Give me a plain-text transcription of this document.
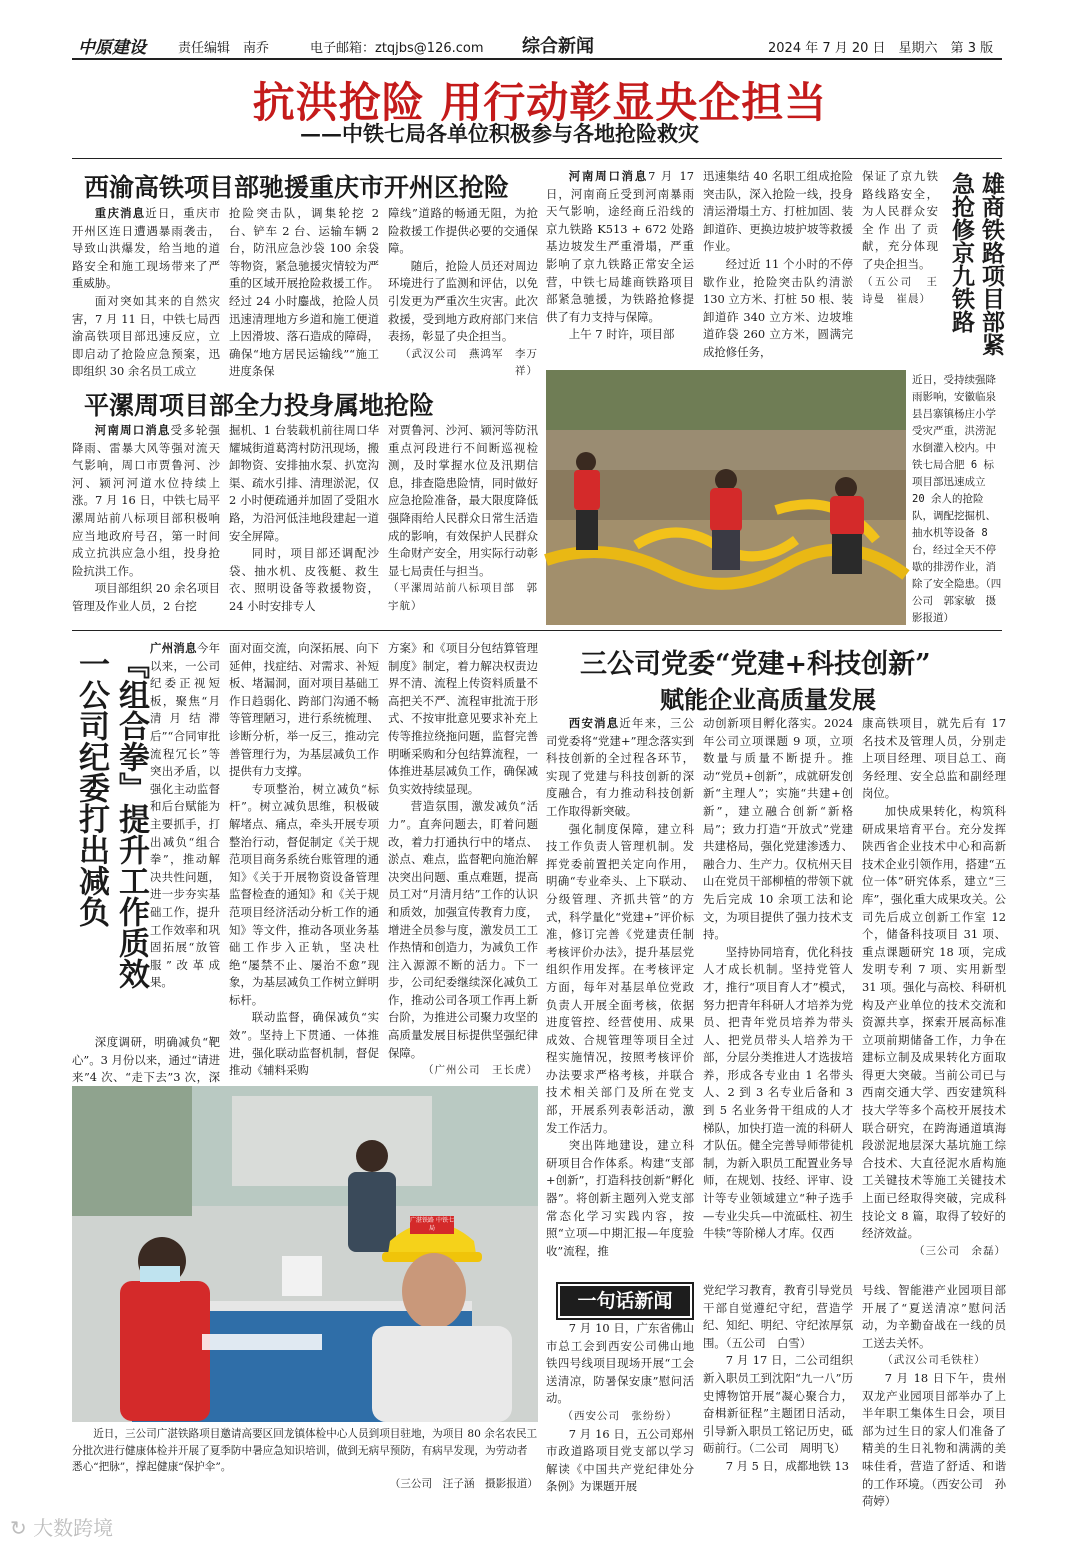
中原建设 责任编辑　南乔	电子邮箱：ztqjbs@126.com 综合新闻	2024 年 7 月 20 日　星期六　第 3 版
抗洪抢险 用行动彰显央企担当
——中铁七局各单位积极参与各地抢险救灾
西渝高铁项目部驰援重庆市开州区抢险

重庆消息近日，重庆市开州区连日遭遇暴雨袭击，导致山洪爆发，给当地的道路安全和施工现场带来了严重威胁。

面对突如其来的自然灾害，7 月 11 日，中铁七局西渝高铁项目部迅速反应，立即启动了抢险应急预案，迅即组织 30 余名员工成立

抢险突击队，调集轮挖 2 台、铲车 2 台、运输车辆 2 台，防汛应急沙袋 100 余袋等物资，紧急驰援灾情较为严重的区域开展抢险救援工作。经过 24 小时鏖战，抢险人员迅速清理地方乡道和施工便道上因滑坡、落石造成的障碍，确保“地方居民运输线”“施工进度条保

障线”道路的畅通无阻，为抢险救援工作提供必要的交通保障。

随后，抢险人员还对周边环境进行了监测和评估，以免引发更为严重次生灾害。此次救援，受到地方政府部门来信表扬，彰显了央企担当。

（武汉公司　燕鸿军　李万祥）

平漯周项目部全力投身属地抢险

河南周口消息受多轮强降雨、雷暴大风等强对流天气影响，周口市贾鲁河、沙河、颍河河道水位持续上涨。7 月 16 日，中铁七局平漯周站前八标项目部积极响应当地政府号召，第一时间成立抗洪应急小组，投身抢险抗洪工作。

项目部组织 20 余名项目管理及作业人员，2 台挖

掘机、1 台装载机前往周口华耀城街道葛湾村防汛现场，搬卸物资、安排抽水泵、扒宽沟渠、疏水引排、清理淤泥，仅 2 小时便疏通并加固了受阻水路，为沿河低洼地段建起一道安全屏障。

同时，项目部还调配沙袋、抽水机、皮筏艇、救生衣、照明设备等救援物资，24 小时安排专人

对贾鲁河、沙河、颍河等防汛重点河段进行不间断巡视检测，及时掌握水位及汛期信息，排查隐患险情，同时做好应急抢险准备，最大限度降低强降雨给人民群众日常生活造成的影响，有效保护人民群众生命财产安全，用实际行动彰显七局责任与担当。

（平漯周站前八标项目部　郭宇航）

雄商铁路项目部紧急抢修京九铁路

河南周口消息7 月 17 日，河南商丘受到河南暴雨天气影响，途经商丘沿线的京九铁路 K513 + 672 处路基边坡发生严重滑塌，严重影响了京九铁路正常安全运营，中铁七局雄商铁路项目部紧急驰援，为铁路抢修提供了有力支持与保障。

上午 7 时许，项目部

迅速集结 40 名职工组成抢险突击队，深入抢险一线，投身清运滑塌土方、打桩加固、装卸道砟、更换边坡护坡等救援作业。

经过近 11 个小时的不停歇作业，抢险突击队约清淤 130 立方米、打桩 50 根、装卸道砟 340 立方米、边坡堆道砟袋 260 立方米，圆满完成抢修任务，

保证了京九铁路线路安全，为人民群众安全作出了贡献，充分体现了央企担当。

（五公司　王诗曼　崔晨）

近日，受持续强降雨影响，安徽临泉县吕寨镇杨庄小学受灾严重，洪涝泥水倒灌入校内。中铁七局合肥 6 标项目部迅速成立 20 余人的抢险队，调配挖掘机、抽水机等设备 8 台，经过全天不停歇的排涝作业，消除了安全隐患。（四公司　郭家敏　摄影报道）
『组合拳』提升工作质效
一公司纪委打出减负	广州消息今年以来，一公司纪委正视短板，聚焦“月清月结滞后”“合同审批流程冗长”等突出矛盾，以强化主动监督和后台赋能为主要抓手，打出减负“组合拳”，推动解决共性问题，进一步夯实基础工作，提升工作效率和巩固拓展“放管服”改革成果。

深度调研，明确减负“靶心”。3 月份以来，通过“请进来”4 次、“走下去”3 次，深

面对面交流，向深拓展、向下延伸，找症结、对需求、补短板、堵漏洞，面对项目基础工作日趋弱化、跨部门沟通不畅等管理陋习，进行系统梳理、诊断分析，举一反三，推动完善管理行为，为基层减负工作提供有力支撑。

专项整治，树立减负“标杆”。树立减负思维，积极破解堵点、痛点，牵头开展专项整治行动，督促制定《关于规范项目商务系统台账管理的通知》《关于开展物资设备管理监督检查的通知》和《关于规范项目经济活动分析工作的通知》等文件，推动各项业务基础工作步入正轨，坚决杜绝“屡禁不止、屡治不愈”现象，为基层减负工作树立鲜明标杆。

联动监督，确保减负“实效”。坚持上下贯通、一体推进，强化联动监督机制，督促推动《辅料采购

方案》和《项目分包结算管理制度》制定，着力解决权责边界不清、流程上传资料质量不高把关不严、流程审批流于形式、不按审批意见要求补充上传等推拉绕拖问题，监督完善明晰采购和分包结算流程，一体推进基层减负工作，确保减负实效持续显现。

营造氛围，激发减负“活力”。直奔问题去，盯着问题改，着力打通执行中的堵点、淤点、难点，监督靶向施治解决突出问题、重点难题，提高员工对“月清月结”工作的认识和质效，加强宣传教育力度，增进全员参与度，激发员工工作热情和创造力，为减负工作注入源源不断的活力。下一步，公司纪委继续深化减负工作，推动公司各项工作再上新台阶，为推进公司聚力攻坚的高质量发展目标提供坚强纪律保障。

（广州公司　王长虎）

广湛铁路 中铁七局
近日，三公司广湛铁路项目邀请高要区回龙镇体检中心人员到项目驻地，为项目 80 余名农民工分批次进行健康体检并开展了夏季防中暑应急知识培训，做到无病早预防，有病早发现，为劳动者悉心“把脉”，撑起健康“保护伞”。
（三公司　汪子涵　摄影报道）
三公司党委“党建+科技创新”
赋能企业高质量发展

西安消息近年来，三公司党委将“党建+”理念落实到科技创新的全过程各环节，实现了党建与科技创新的深度融合，有力推动科技创新工作取得新突破。

强化制度保障，建立科技工作负责人管理机制。发挥党委前置把关定向作用，明确“专业牵头、上下联动、分级管理、齐抓共管”的方式，科学量化“党建+”评价标准，修订完善《党建责任制考核评价办法》，提升基层党组织作用发挥。在考核评定方面，每年对基层单位党政负责人开展全面考核，依据进度管控、经营使用、成果成效、合规管理等项目全过程实施情况，按照考核评价办法要求严格考核，并联合技术相关部门及所在党支部，开展系列表彰活动，激发工作活力。

突出阵地建设，建立科研项目合作体系。构建“支部+创新”，打造科技创新“孵化器”。将创新主题列入党支部常态化学习实践内容，按照“立项—中期汇报—年度验收”流程，推

动创新项目孵化落实。2024 年公司立项课题 9 项，立项数量与质量不断提升。推动“党员+创新”，成就研发创新“主理人”；实施“共建+创新”，建立融合创新“新格局”；致力打造“开放式”党建共建格局，强化党建渗透力、融合力、生产力。仅杭州天目山在党员干部柳植的带领下就先后完成 10 余项工法和论文，为项目提供了强力技术支持。

坚持协同培育，优化科技人才成长机制。坚持党管人才，推行“项目育人才”模式，努力把青年科研人才培养为党员、把青年党员培养为带头人、把党员带头人培养为干部，分层分类推进人才选拔培养，形成各专业由 1 名带头人、2 到 3 名专业后备和 3 到 5 名业务骨干组成的人才梯队，加快打造一流的科研人才队伍。健全完善导师带徒机制，为新入职员工配置业务导师，在规划、技经、评审、设计等专业领域建立“种子选手—专业尖兵—中流砥柱、初生牛犊”等阶梯人才库。仅西

康高铁项目，就先后有 17 名技术及管理人员，分别走上项目经理、项目总工、商务经理、安全总监和副经理岗位。

加快成果转化，构筑科研成果培育平台。充分发挥陕西省企业技术中心和高新技术企业引领作用，搭建“五位一体”研究体系，建立“三库”，强化重大成果攻关。公司先后成立创新工作室 12 个，储备科技项目 31 项、重点课题研究 18 项，完成发明专利 7 项、实用新型 31 项。强化与高校、科研机构及产业单位的技术交流和资源共享，探索开展高标准立项前期储备工作，力争在建标立制及成果转化方面取得更大突破。当前公司已与西南交通大学、西安建筑科技大学等多个高校开展技术联合研究，在跨海通道填海段淤泥地层深大基坑施工综合技术、大直径泥水盾构施工关键技术等施工关键技术上面已经取得突破，完成科技论文 8 篇，取得了较好的经济效益。

（三公司　余磊）

一句话新闻

7 月 10 日，广东省佛山市总工会到西安公司佛山地铁四号线项目现场开展“工会送清凉，防暑保安康”慰问活动。

（西安公司　张纷纷）

7 月 16 日，五公司郑州市政道路项目党支部以学习解读《中国共产党纪律处分条例》为课题开展

党纪学习教育，教育引导党员干部自觉遵纪守纪，营造学纪、知纪、明纪、守纪浓厚氛围。（五公司　白雪）

7 月 17 日，二公司组织新入职员工到沈阳“九一八”历史博物馆开展“凝心聚合力，奋楫新征程”主题团日活动，引导新入职员工铭记历史，砥砺前行。（二公司　周明飞）

7 月 5 日，成都地铁 13

号线、智能港产业园项目部开展了“夏送清凉”慰问活动，为辛勤奋战在一线的员工送去关怀。

（武汉公司毛铁柱）

7 月 18 日下午，贵州双龙产业园项目部举办了上半年职工集体生日会，项目部为过生日的家人们准备了精美的生日礼物和满满的美味佳肴，营造了舒适、和谐的工作环境。（西安公司　孙荷婷）

↻ 大数跨境
